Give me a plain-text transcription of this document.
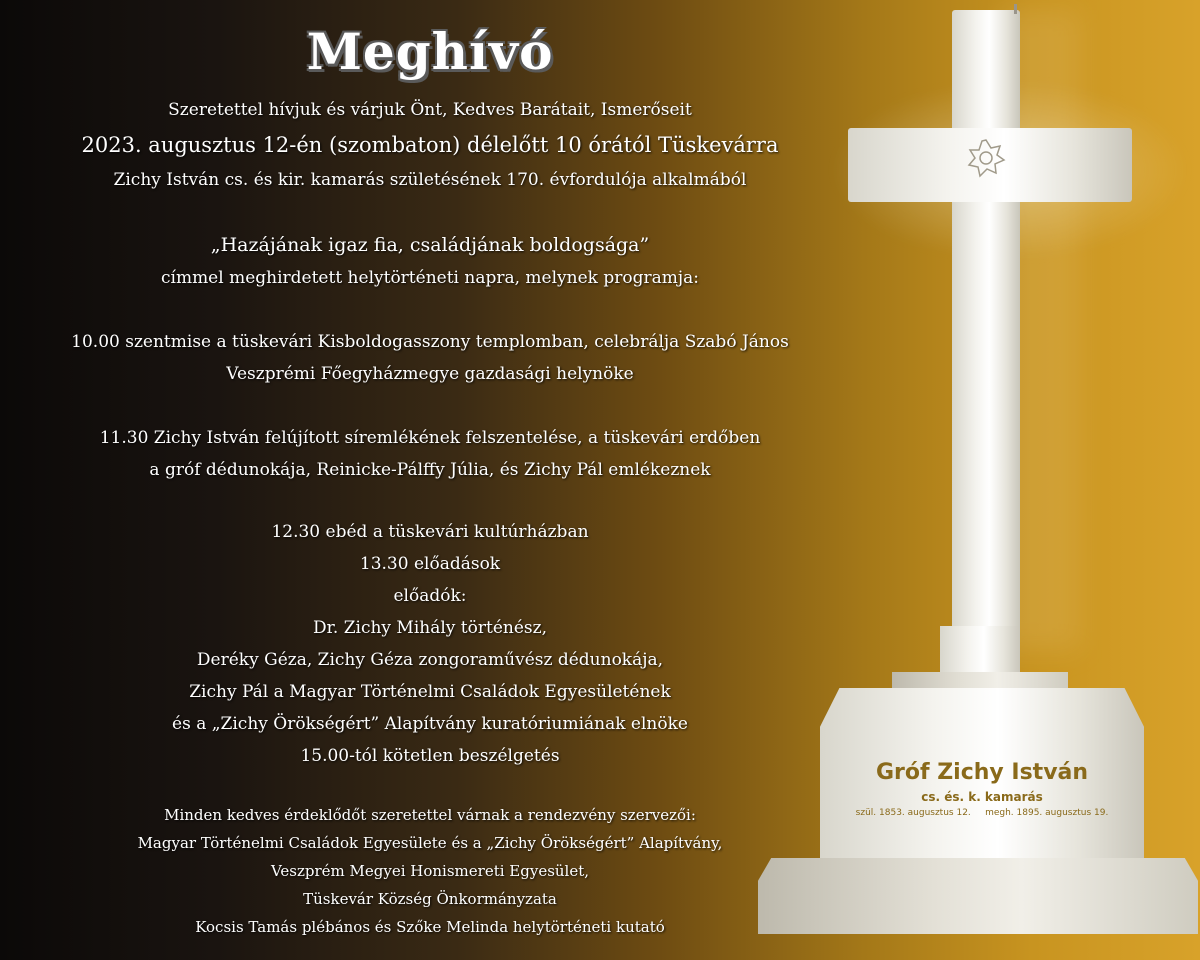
Meghívó
Szeretettel hívjuk és várjuk Önt, Kedves Barátait, Ismerőseit
2023. augusztus 12-én (szombaton) délelőtt 10 órától Tüskevárra
Zichy István cs. és kir. kamarás születésének 170. évfordulója alkalmából
„Hazájának igaz fia, családjának boldogsága”
címmel meghirdetett helytörténeti napra, melynek programja:
10.00 szentmise a tüskevári Kisboldogasszony templomban, celebrálja Szabó János
Veszprémi Főegyházmegye gazdasági helynöke
11.30 Zichy István felújított síremlékének felszentelése, a tüskevári erdőben
a gróf dédunokája, Reinicke-Pálffy Júlia, és Zichy Pál emlékeznek
12.30 ebéd a tüskevári kultúrházban
13.30 előadások
előadók:
Dr. Zichy Mihály történész,
Deréky Géza, Zichy Géza zongoraművész dédunokája,
Zichy Pál a Magyar Történelmi Családok Egyesületének
és a „Zichy Örökségért” Alapítvány kuratóriumiának elnöke
15.00-tól kötetlen beszélgetés
Minden kedves érdeklődőt szeretettel várnak a rendezvény szervezői:
Magyar Történelmi Családok Egyesülete és a „Zichy Örökségért” Alapítvány,
Veszprém Megyei Honismereti Egyesület,
Tüskevár Község Önkormányzata
Kocsis Tamás plébános és Szőke Melinda helytörténeti kutató
Gróf Zichy István
cs. és. k. kamarás
szül. 1853. augusztus 12.     megh. 1895. augusztus 19.
